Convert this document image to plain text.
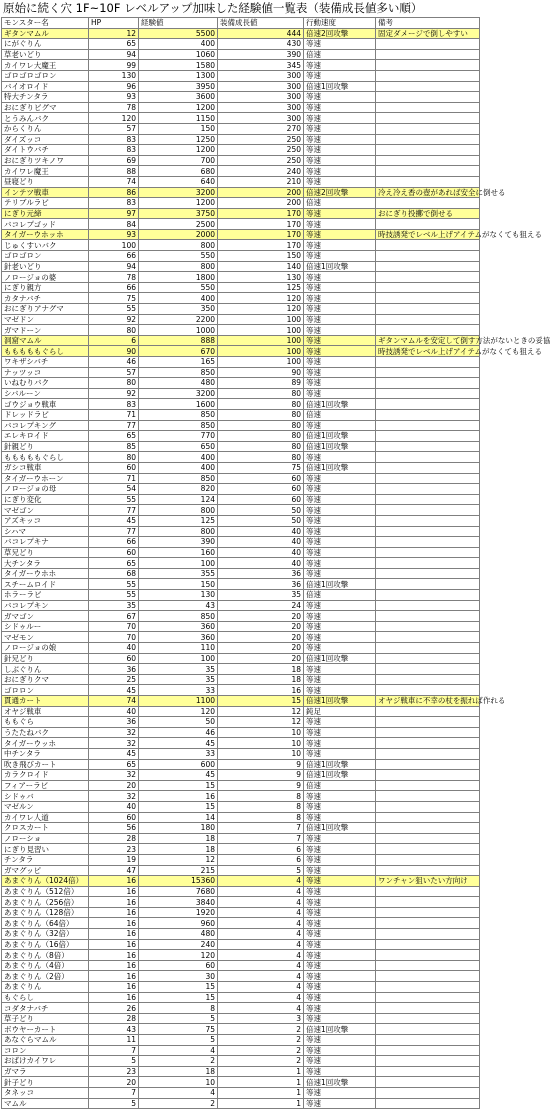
原始に続く穴 1F~10F レベルアップ加味した経験値一覧表（装備成長値多い順）
モンスター名	HP	経験値	装備成長値	行動速度	備考
ギタンマムル	12	5500	444	倍速2回攻撃	固定ダメージで倒しやすい
にがぐりん	65	400	430	等速	
草老いどり	94	1060	390	倍速	
カイワレ大魔王	99	1580	345	等速	
ゴロゴロゴロン	130	1300	300	等速	
バイオロイド	96	3950	300	倍速1回攻撃	
特大チンタラ	93	3600	300	等速	
おにぎりビグマ	78	1200	300	等速	
とうみんバク	120	1150	300	等速	
からくりん	57	150	270	等速	
ダイズッコ	83	1250	250	等速	
ダイトウバチ	83	1200	250	等速	
おにぎりツキノワ	69	700	250	等速	
カイワレ魔王	88	680	240	等速	
昼寝どり	74	640	210	等速	
インテツ戦車	86	3200	200	倍速2回攻撃	冷え冷え香の壺があれば安全に倒せる
テリブルラビ	83	1200	200	倍速	
にぎり元締	97	3750	170	等速	おにぎり投擲で倒せる
バコレプゴッド	84	2500	170	等速	
タイガーウホッホ	93	2000	170	等速	時技誘発でレベル上げアイテムがなくても狙える
じゅくすいバク	100	800	170	等速	
ゴロゴロン	66	550	150	等速	
針老いどり	94	800	140	倍速1回攻撃	
ノロージョの婆	78	1800	130	等速	
にぎり親方	66	550	125	等速	
カタナバチ	75	400	120	等速	
おにぎりアナグマ	55	350	120	等速	
マゼドン	92	2200	100	等速	
ガマドーン	80	1000	100	等速	
洞窟マムル	6	888	100	等速	ギタンマムルを安定して倒す方法がないときの妥協
もももももぐらし	90	670	100	等速	時技誘発でレベル上げアイテムがなくても狙える
ワキザシバチ	46	165	100	等速	
ナッツッコ	57	850	90	等速	
いねむりバク	80	480	89	等速	
シバルーン	92	3200	80	等速	
ゴウジョウ戦車	83	1600	80	倍速1回攻撃	
ドレッドラビ	71	850	80	倍速	
バコレプキング	77	850	80	等速	
エレキロイド	65	770	80	倍速1回攻撃	
針親どり	85	650	80	倍速1回攻撃	
もももももぐらし	80	400	80	等速	
ガシコ戦車	60	400	75	倍速1回攻撃	
タイガーウホーン	71	850	60	等速	
ノロージョの母	54	820	60	等速	
にぎり変化	55	124	60	等速	
マゼゴン	77	800	50	等速	
アズキッコ	45	125	50	等速	
シハマ	77	800	40	等速	
バコレプキナ	66	390	40	等速	
草兄どり	60	160	40	等速	
大チンタラ	65	100	40	等速	
タイガーウホホ	68	355	36	等速	
スチームロイド	55	150	36	倍速1回攻撃	
ホラーラビ	55	130	35	倍速	
バコレプキン	35	43	24	等速	
ガマゴン	67	850	20	等速	
シドゥルー	70	360	20	等速	
マゼモン	70	360	20	等速	
ノロージョの娘	40	110	20	等速	
針兄どり	60	100	20	倍速1回攻撃	
しぶぐりん	36	35	18	等速	
おにぎりクマ	25	35	18	等速	
ゴロロン	45	33	16	等速	
貫通カート	74	1100	15	倍速1回攻撃	オヤジ戦車に不幸の杖を振れば作れる
オヤジ戦車	40	120	12	鈍足	
ももぐら	36	50	12	等速	
うたたねバク	32	46	10	等速	
タイガーウッホ	32	45	10	等速	
中チンタラ	45	33	10	等速	
吹き飛びカート	65	600	9	倍速1回攻撃	
カラクロイド	32	45	9	倍速1回攻撃	
フィアーラビ	20	15	9	倍速	
シドゥバ	32	16	8	等速	
マゼルン	40	15	8	等速	
カイワレ人道	60	14	8	等速	
クロスカート	56	180	7	倍速1回攻撃	
ノローショ	28	18	7	等速	
にぎり見習い	23	18	6	等速	
チンタラ	19	12	6	等速	
ガマグッピ	47	215	5	等速	
あまぐりん（1024倍）	16	15360	4	等速	ワンチャン狙いたい方向け
あまぐりん（512倍）	16	7680	4	等速	
あまぐりん（256倍）	16	3840	4	等速	
あまぐりん（128倍）	16	1920	4	等速	
あまぐりん（64倍）	16	960	4	等速	
あまぐりん（32倍）	16	480	4	等速	
あまぐりん（16倍）	16	240	4	等速	
あまぐりん（8倍）	16	120	4	等速	
あまぐりん（4倍）	16	60	4	等速	
あまぐりん（2倍）	16	30	4	等速	
あまぐりん	16	15	4	等速	
もぐらし	16	15	4	等速	
コダタナバチ	26	8	4	等速	
草子どり	28	5	3	等速	
ボウヤーカート	43	75	2	倍速1回攻撃	
あなぐらマムル	11	5	2	等速	
コロン	7	4	2	等速	
おばけカイワレ	5	2	2	等速	
ガマラ	23	18	1	等速	
針子どり	20	10	1	倍速1回攻撃	
タネッコ	7	4	1	等速	
マムル	5	2	1	等速	
